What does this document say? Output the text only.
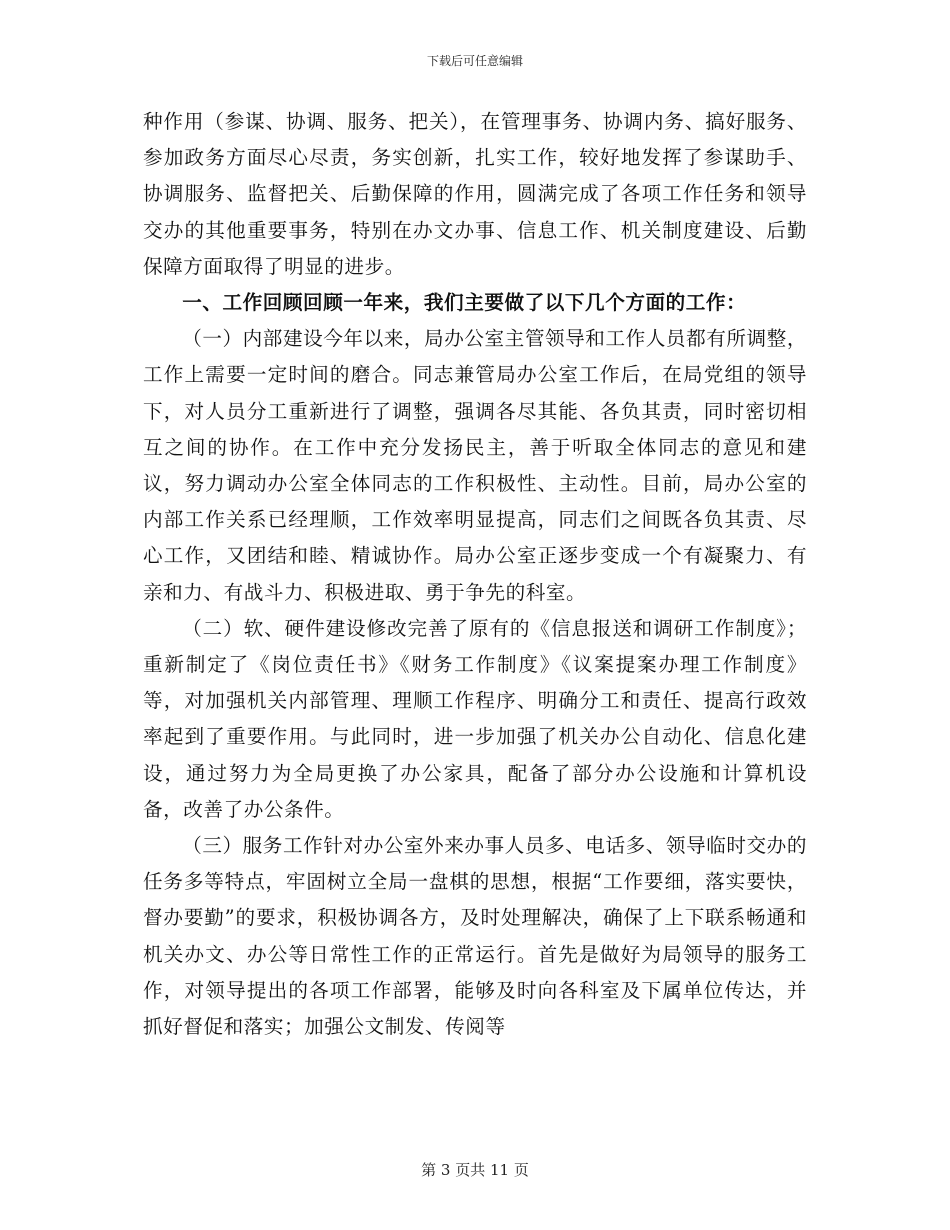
下载后可任意编辑

种作用（参谋、协调、服务、把关），在管理事务、协调内务、搞好服务、参加政务方面尽心尽责，务实创新，扎实工作，较好地发挥了参谋助手、协调服务、监督把关、后勤保障的作用，圆满完成了各项工作任务和领导交办的其他重要事务，特别在办文办事、信息工作、机关制度建设、后勤保障方面取得了明显的进步。

一、工作回顾回顾一年来，我们主要做了以下几个方面的工作：

（一）内部建设今年以来，局办公室主管领导和工作人员都有所调整，工作上需要一定时间的磨合。同志兼管局办公室工作后，在局党组的领导下，对人员分工重新进行了调整，强调各尽其能、各负其责，同时密切相互之间的协作。在工作中充分发扬民主，善于听取全体同志的意见和建议，努力调动办公室全体同志的工作积极性、主动性。目前，局办公室的内部工作关系已经理顺，工作效率明显提高，同志们之间既各负其责、尽心工作，又团结和睦、精诚协作。局办公室正逐步变成一个有凝聚力、有亲和力、有战斗力、积极进取、勇于争先的科室。

（二）软、硬件建设修改完善了原有的《信息报送和调研工作制度》；重新制定了《岗位责任书》《财务工作制度》《议案提案办理工作制度》等，对加强机关内部管理、理顺工作程序、明确分工和责任、提高行政效率起到了重要作用。与此同时，进一步加强了机关办公自动化、信息化建设，通过努力为全局更换了办公家具，配备了部分办公设施和计算机设备，改善了办公条件。

（三）服务工作针对办公室外来办事人员多、电话多、领导临时交办的任务多等特点，牢固树立全局一盘棋的思想，根据“工作要细，落实要快，督办要勤”的要求，积极协调各方，及时处理解决，确保了上下联系畅通和机关办文、办公等日常性工作的正常运行。首先是做好为局领导的服务工作，对领导提出的各项工作部署，能够及时向各科室及下属单位传达，并抓好督促和落实；加强公文制发、传阅等

第 3 页共 11 页
